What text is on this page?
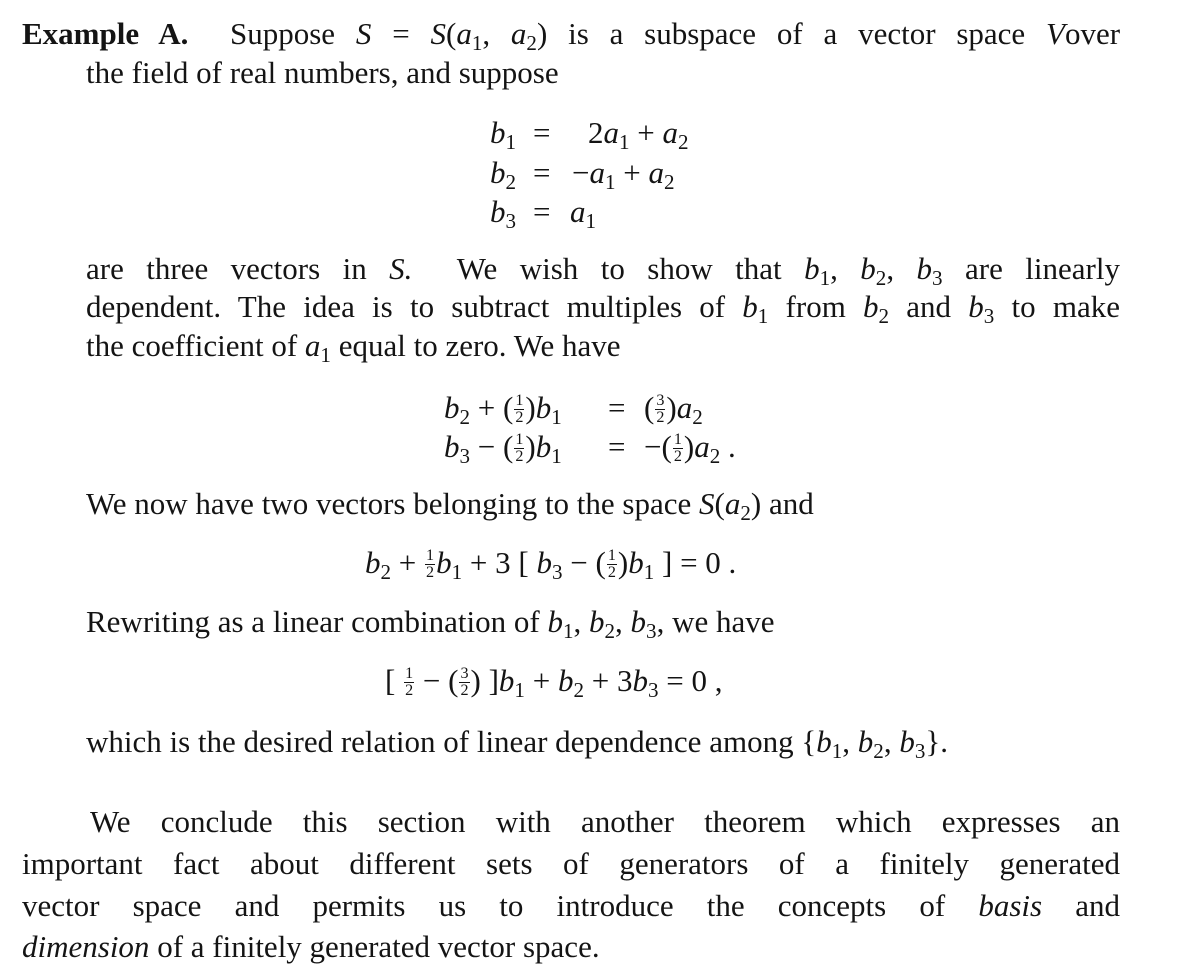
Example A. Suppose $S = S(a_1$, $a_2$) is a subspace of a vector space Vover
the field of real numbers, and suppose
$b_1 = 2a_1 + a_2$
$b_2 = -a_1 + a_2$
$b_3 = a_1$
are three vectors in S. We wish to show that $b_1$, $b_2$, $b_3$ are linearly
dependent. The idea is to subtract multiples of $b_1$ from $b_2$ and $b_3$ to make
the coefficient of $a_1$ equal to zero. We have
$b_2$ + ( $\frac{1}{2} )b_1$ = ( $\frac{3}{2} )a_2$
$b_3$ − ( $\frac{1}{2} )b_1$ = −( $\frac{1}{2} )a_2$ .
We now have two vectors belonging to the space $S(a_2)$ and
$b_2 + \frac{1}{2} b_1 + 3$ [ $b_3$ − ( $\frac{1}{2} )b_1$ ] = 0 .
Rewriting as a linear combination of $b_1$, $b_2$, $b_3$, we have
[ $\frac{1}{2}$ − ( $\frac{3}{2}$ ) ]$b_1 + b_2 + 3b_3 = 0$ ,
which is the desired relation of linear dependence among {$b_1$, $b_2$, $b_3$}.
We conclude this section with another theorem which expresses an
important fact about different sets of generators of a finitely generated
vector space and permits us to introduce the concepts of basis and
dimension of a finitely generated vector space.
